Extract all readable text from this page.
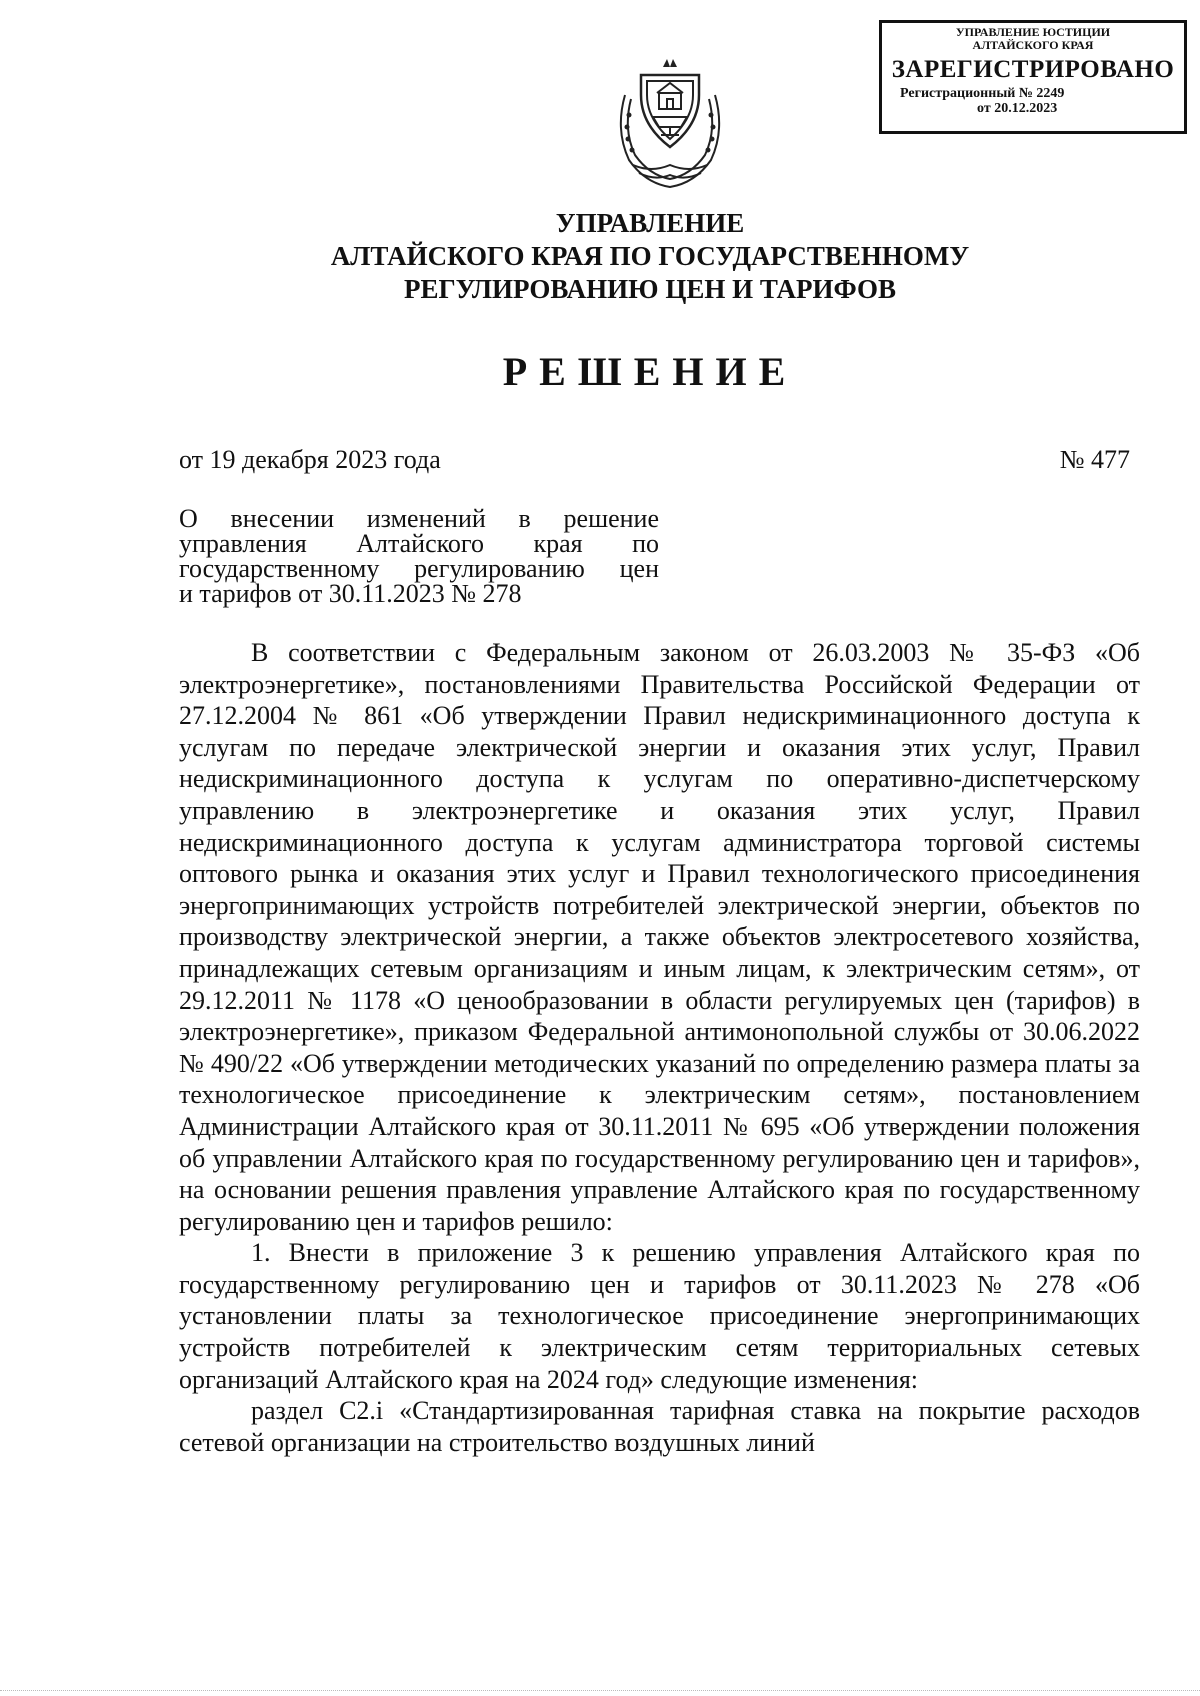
УПРАВЛЕНИЕ ЮСТИЦИИ
АЛТАЙСКОГО КРАЯ
ЗАРЕГИСТРИРОВАНО
Регистрационный № 2249
от 20.12.2023
УПРАВЛЕНИЕ
АЛТАЙСКОГО КРАЯ ПО ГОСУДАРСТВЕННОМУ
РЕГУЛИРОВАНИЮ ЦЕН И ТАРИФОВ
РЕШЕНИЕ
от 19 декабря 2023 года	№ 477
О внесении изменений в решение
управления Алтайского края по
государственному регулированию цен
и тарифов от 30.11.2023 № 278

В соответствии с Федеральным законом от 26.03.2003 № 35-ФЗ «Об электроэнергетике», постановлениями Правительства Российской Федерации от 27.12.2004 № 861 «Об утверждении Правил недискриминационного доступа к услугам по передаче электрической энергии и оказания этих услуг, Правил недискриминационного доступа к услугам по оперативно-диспетчерскому управлению в электроэнергетике и оказания этих услуг, Правил недискриминационного доступа к услугам администратора торговой системы оптового рынка и оказания этих услуг и Правил технологического присоединения энергопринимающих устройств потребителей электрической энергии, объектов по производству электрической энергии, а также объектов электросетевого хозяйства, принадлежащих сетевым организациям и иным лицам, к электрическим сетям», от 29.12.2011 № 1178 «О ценообразовании в области регулируемых цен (тарифов) в электроэнергетике», приказом Федеральной антимонопольной службы от 30.06.2022 № 490/22 «Об утверждении методических указаний по определению размера платы за технологическое присоединение к электрическим сетям», постановлением Администрации Алтайского края от 30.11.2011 № 695 «Об утверждении положения об управлении Алтайского края по государственному регулированию цен и тарифов», на основании решения правления управление Алтайского края по государственному регулированию цен и тарифов решило:

1. Внести в приложение 3 к решению управления Алтайского края по государственному регулированию цен и тарифов от 30.11.2023 № 278 «Об установлении платы за технологическое присоединение энергопринимающих устройств потребителей к электрическим сетям территориальных сетевых организаций Алтайского края на 2024 год» следующие изменения:

раздел C2.i «Стандартизированная тарифная ставка на покрытие расходов сетевой организации на строительство воздушных линий
